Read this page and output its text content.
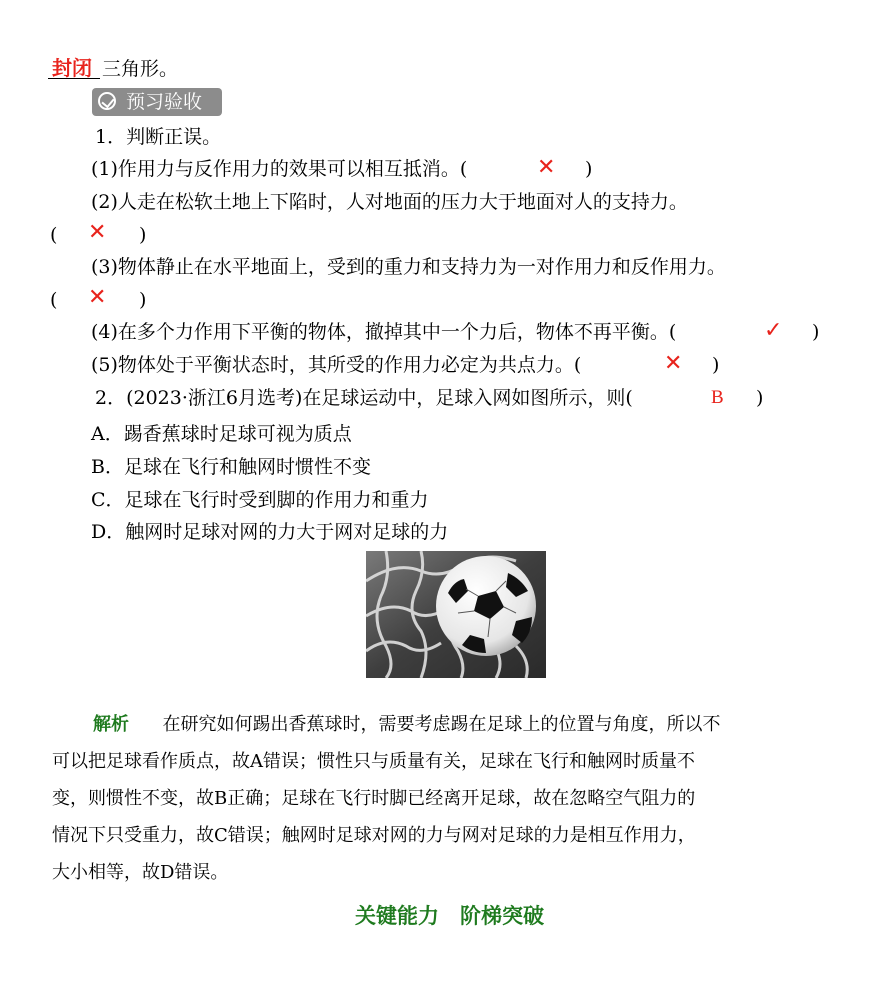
封闭 三角形。
预习验收
1．判断正误。
(1)作用力与反作用力的效果可以相互抵消。(	✕ )
(2)人走在松软土地上下陷时，人对地面的压力大于地面对人的支持力。
( ✕ )
(3)物体静止在水平地面上，受到的重力和支持力为一对作用力和反作用力。
( ✕ )
(4)在多个力作用下平衡的物体，撤掉其中一个力后，物体不再平衡。(	✓ )
(5)物体处于平衡状态时，其所受的作用力必定为共点力。(	✕ )
2．(2023·浙江6月选考)在足球运动中，足球入网如图所示，则(	B )
A．踢香蕉球时足球可视为质点
B．足球在飞行和触网时惯性不变
C．足球在飞行时受到脚的作用力和重力
D．触网时足球对网的力大于网对足球的力
解析 在研究如何踢出香蕉球时，需要考虑踢在足球上的位置与角度，所以不
可以把足球看作质点，故A错误；惯性只与质量有关，足球在飞行和触网时质量不
变，则惯性不变，故B正确；足球在飞行时脚已经离开足球，故在忽略空气阻力的
情况下只受重力，故C错误；触网时足球对网的力与网对足球的力是相互作用力，
大小相等，故D错误。
关键能力　阶梯突破
